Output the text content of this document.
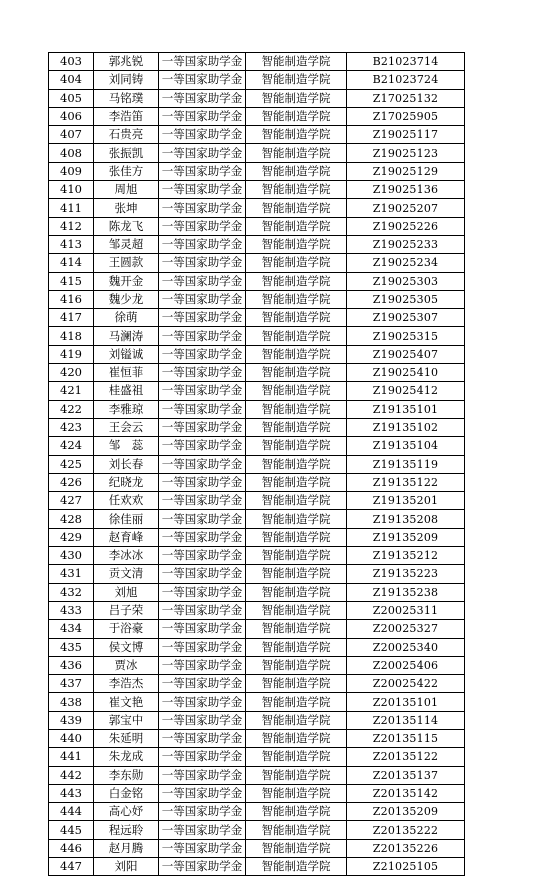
403	郭兆锐	一等国家助学金	智能制造学院	B21023714
404	刘同铸	一等国家助学金	智能制造学院	B21023724
405	马铭璞	一等国家助学金	智能制造学院	Z17025132
406	李浩笛	一等国家助学金	智能制造学院	Z17025905
407	石贵亮	一等国家助学金	智能制造学院	Z19025117
408	张振凯	一等国家助学金	智能制造学院	Z19025123
409	张佳方	一等国家助学金	智能制造学院	Z19025129
410	周旭	一等国家助学金	智能制造学院	Z19025136
411	张坤	一等国家助学金	智能制造学院	Z19025207
412	陈龙飞	一等国家助学金	智能制造学院	Z19025226
413	邹灵超	一等国家助学金	智能制造学院	Z19025233
414	王圆款	一等国家助学金	智能制造学院	Z19025234
415	魏开金	一等国家助学金	智能制造学院	Z19025303
416	魏少龙	一等国家助学金	智能制造学院	Z19025305
417	徐萌	一等国家助学金	智能制造学院	Z19025307
418	马澜涛	一等国家助学金	智能制造学院	Z19025315
419	刘镒诚	一等国家助学金	智能制造学院	Z19025407
420	崔恒菲	一等国家助学金	智能制造学院	Z19025410
421	桂盛祖	一等国家助学金	智能制造学院	Z19025412
422	李雅琼	一等国家助学金	智能制造学院	Z19135101
423	王会云	一等国家助学金	智能制造学院	Z19135102
424	邹　蕊	一等国家助学金	智能制造学院	Z19135104
425	刘长春	一等国家助学金	智能制造学院	Z19135119
426	纪晓龙	一等国家助学金	智能制造学院	Z19135122
427	任欢欢	一等国家助学金	智能制造学院	Z19135201
428	徐佳丽	一等国家助学金	智能制造学院	Z19135208
429	赵育峰	一等国家助学金	智能制造学院	Z19135209
430	李冰冰	一等国家助学金	智能制造学院	Z19135212
431	贡文清	一等国家助学金	智能制造学院	Z19135223
432	刘旭	一等国家助学金	智能制造学院	Z19135238
433	吕子荣	一等国家助学金	智能制造学院	Z20025311
434	于浴豪	一等国家助学金	智能制造学院	Z20025327
435	侯文博	一等国家助学金	智能制造学院	Z20025340
436	贾冰	一等国家助学金	智能制造学院	Z20025406
437	李浩杰	一等国家助学金	智能制造学院	Z20025422
438	崔文艳	一等国家助学金	智能制造学院	Z20135101
439	郭宝中	一等国家助学金	智能制造学院	Z20135114
440	朱延明	一等国家助学金	智能制造学院	Z20135115
441	朱龙成	一等国家助学金	智能制造学院	Z20135122
442	李东勋	一等国家助学金	智能制造学院	Z20135137
443	白金铭	一等国家助学金	智能制造学院	Z20135142
444	高心妤	一等国家助学金	智能制造学院	Z20135209
445	程远聆	一等国家助学金	智能制造学院	Z20135222
446	赵月腾	一等国家助学金	智能制造学院	Z20135226
447	刘阳	一等国家助学金	智能制造学院	Z21025105
